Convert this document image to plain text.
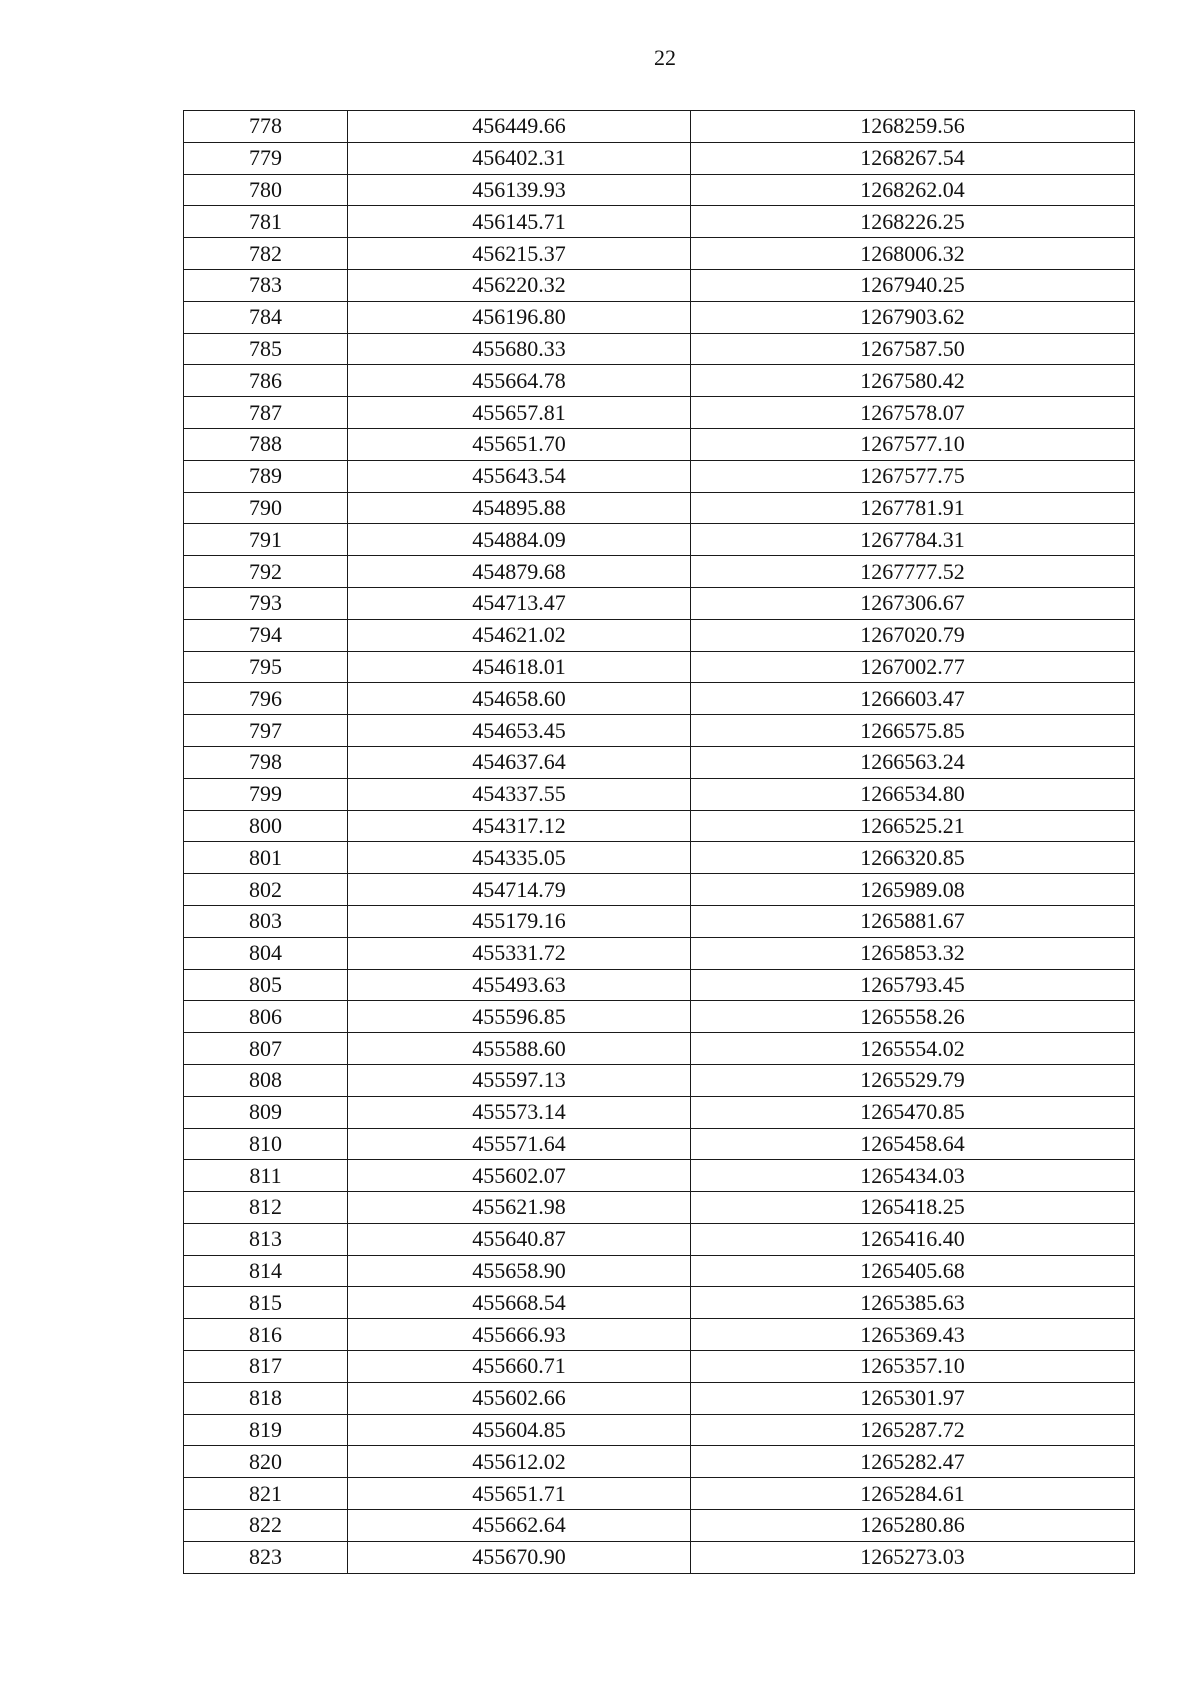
22
778	456449.66	1268259.56
779	456402.31	1268267.54
780	456139.93	1268262.04
781	456145.71	1268226.25
782	456215.37	1268006.32
783	456220.32	1267940.25
784	456196.80	1267903.62
785	455680.33	1267587.50
786	455664.78	1267580.42
787	455657.81	1267578.07
788	455651.70	1267577.10
789	455643.54	1267577.75
790	454895.88	1267781.91
791	454884.09	1267784.31
792	454879.68	1267777.52
793	454713.47	1267306.67
794	454621.02	1267020.79
795	454618.01	1267002.77
796	454658.60	1266603.47
797	454653.45	1266575.85
798	454637.64	1266563.24
799	454337.55	1266534.80
800	454317.12	1266525.21
801	454335.05	1266320.85
802	454714.79	1265989.08
803	455179.16	1265881.67
804	455331.72	1265853.32
805	455493.63	1265793.45
806	455596.85	1265558.26
807	455588.60	1265554.02
808	455597.13	1265529.79
809	455573.14	1265470.85
810	455571.64	1265458.64
811	455602.07	1265434.03
812	455621.98	1265418.25
813	455640.87	1265416.40
814	455658.90	1265405.68
815	455668.54	1265385.63
816	455666.93	1265369.43
817	455660.71	1265357.10
818	455602.66	1265301.97
819	455604.85	1265287.72
820	455612.02	1265282.47
821	455651.71	1265284.61
822	455662.64	1265280.86
823	455670.90	1265273.03
